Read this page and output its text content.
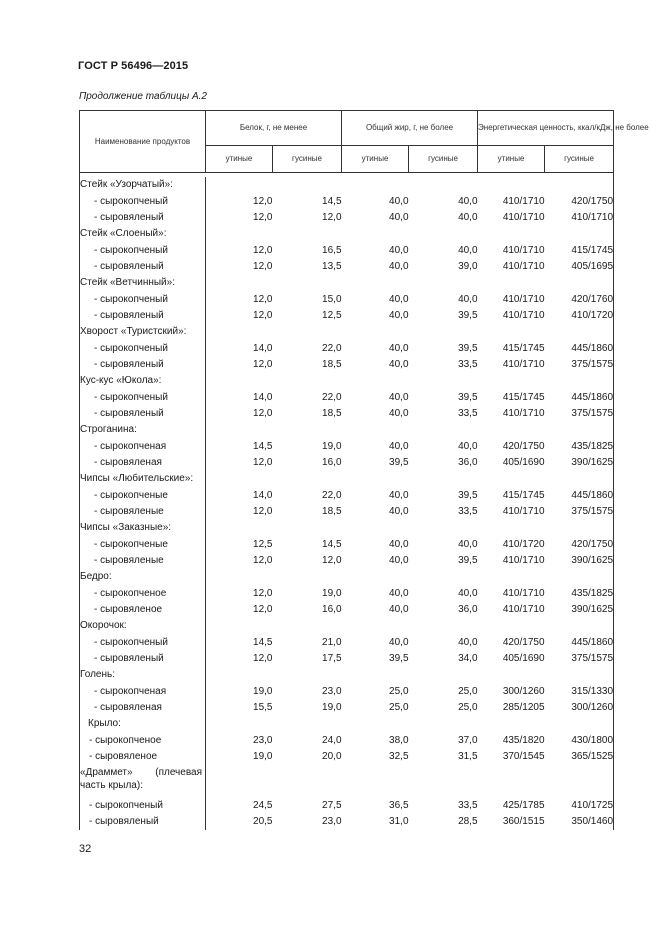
ГОСТ Р 56496—2015
Продолжение таблицы А.2
Наименование продуктов	Белок, г, не менее		Общий жир, г, не более		Энергетическая ценность, ккал/кДж, не более	
	утиные	гусиные	утиные	гусиные	утиные	гусиные

Стейк «Узорчатый»:						
- сырокопченый	12,0	14,5	40,0	40,0	410/1710	420/1750
- сыровяленый	12,0	12,0	40,0	40,0	410/1710	410/1710
Стейк «Слоеный»:						
- сырокопченый	12,0	16,5	40,0	40,0	410/1710	415/1745
- сыровяленый	12,0	13,5	40,0	39,0	410/1710	405/1695
Стейк «Ветчинный»:						
- сырокопченый	12,0	15,0	40,0	40,0	410/1710	420/1760
- сыровяленый	12,0	12,5	40,0	39,5	410/1710	410/1720
Хворост «Туристский»:						
- сырокопченый	14,0	22,0	40,0	39,5	415/1745	445/1860
- сыровяленый	12,0	18,5	40,0	33,5	410/1710	375/1575
Кус-кус «Юкола»:						
- сырокопченый	14,0	22,0	40,0	39,5	415/1745	445/1860
- сыровяленый	12,0	18,5	40,0	33,5	410/1710	375/1575
Строганина:						
- сырокопченая	14,5	19,0	40,0	40,0	420/1750	435/1825
- сыровяленая	12,0	16,0	39,5	36,0	405/1690	390/1625
Чипсы «Любительские»:						
- сырокопченые	14,0	22,0	40,0	39,5	415/1745	445/1860
- сыровяленые	12,0	18,5	40,0	33,5	410/1710	375/1575
Чипсы «Заказные»:						
- сырокопченые	12,5	14,5	40,0	40,0	410/1720	420/1750
- сыровяленые	12,0	12,0	40,0	39,5	410/1710	390/1625
Бедро:						
- сырокопченое	12,0	19,0	40,0	40,0	410/1710	435/1825
- сыровяленое	12,0	16,0	40,0	36,0	410/1710	390/1625
Окорочок:						
- сырокопченый	14,5	21,0	40,0	40,0	420/1750	445/1860
- сыровяленый	12,0	17,5	39,5	34,0	405/1690	375/1575
Голень:						
- сырокопченая	19,0	23,0	25,0	25,0	300/1260	315/1330
- сыровяленая	15,5	19,0	25,0	25,0	285/1205	300/1260
Крыло:						
- сырокопченое	23,0	24,0	38,0	37,0	435/1820	430/1800
- сыровяленое	19,0	20,0	32,5	31,5	370/1545	365/1525

«Драммет» (плечевая
часть крыла):						

- сырокопченый	24,5	27,5	36,5	33,5	425/1785	410/1725
- сыровяленый	20,5	23,0	31,0	28,5	360/1515	350/1460
32
